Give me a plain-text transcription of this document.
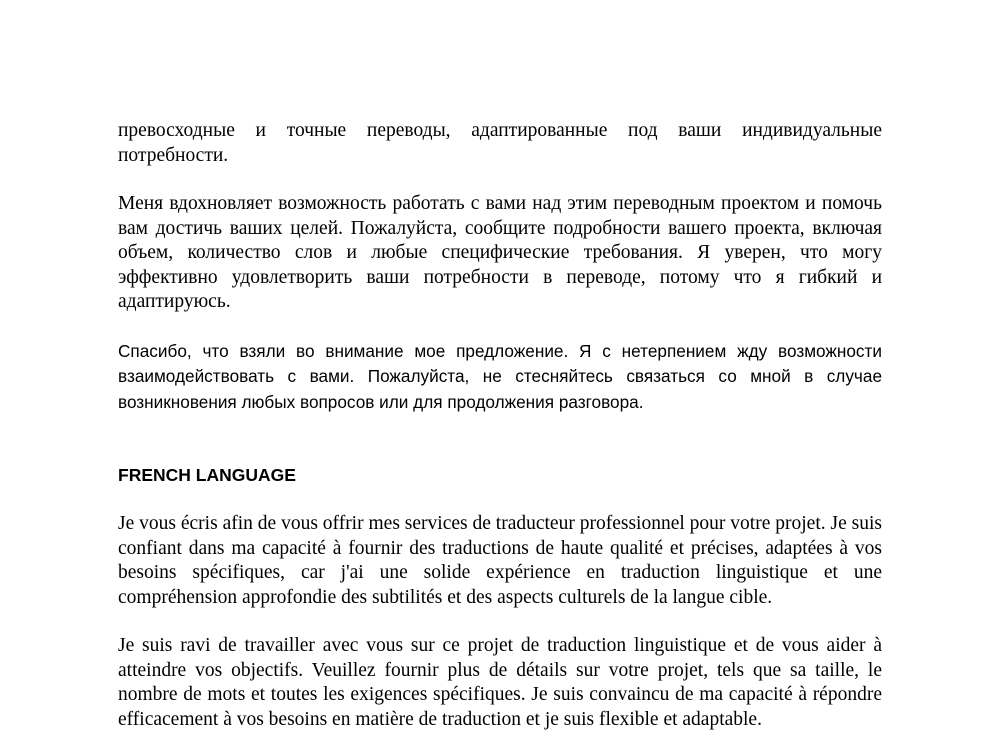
превосходные и точные переводы, адаптированные под ваши индивидуальные потребности.

Меня вдохновляет возможность работать с вами над этим переводным проектом и помочь вам достичь ваших целей. Пожалуйста, сообщите подробности вашего проекта, включая объем, количество слов и любые специфические требования. Я уверен, что могу эффективно удовлетворить ваши потребности в переводе, потому что я гибкий и адаптируюсь.

Спасибо, что взяли во внимание мое предложение. Я с нетерпением жду возможности взаимодействовать с вами. Пожалуйста, не стесняйтесь связаться со мной в случае возникновения любых вопросов или для продолжения разговора.

FRENCH LANGUAGE

Je vous écris afin de vous offrir mes services de traducteur professionnel pour votre projet. Je suis confiant dans ma capacité à fournir des traductions de haute qualité et précises, adaptées à vos besoins spécifiques, car j'ai une solide expérience en traduction linguistique et une compréhension approfondie des subtilités et des aspects culturels de la langue cible.

Je suis ravi de travailler avec vous sur ce projet de traduction linguistique et de vous aider à atteindre vos objectifs. Veuillez fournir plus de détails sur votre projet, tels que sa taille, le nombre de mots et toutes les exigences spécifiques. Je suis convaincu de ma capacité à répondre efficacement à vos besoins en matière de traduction et je suis flexible et adaptable.
